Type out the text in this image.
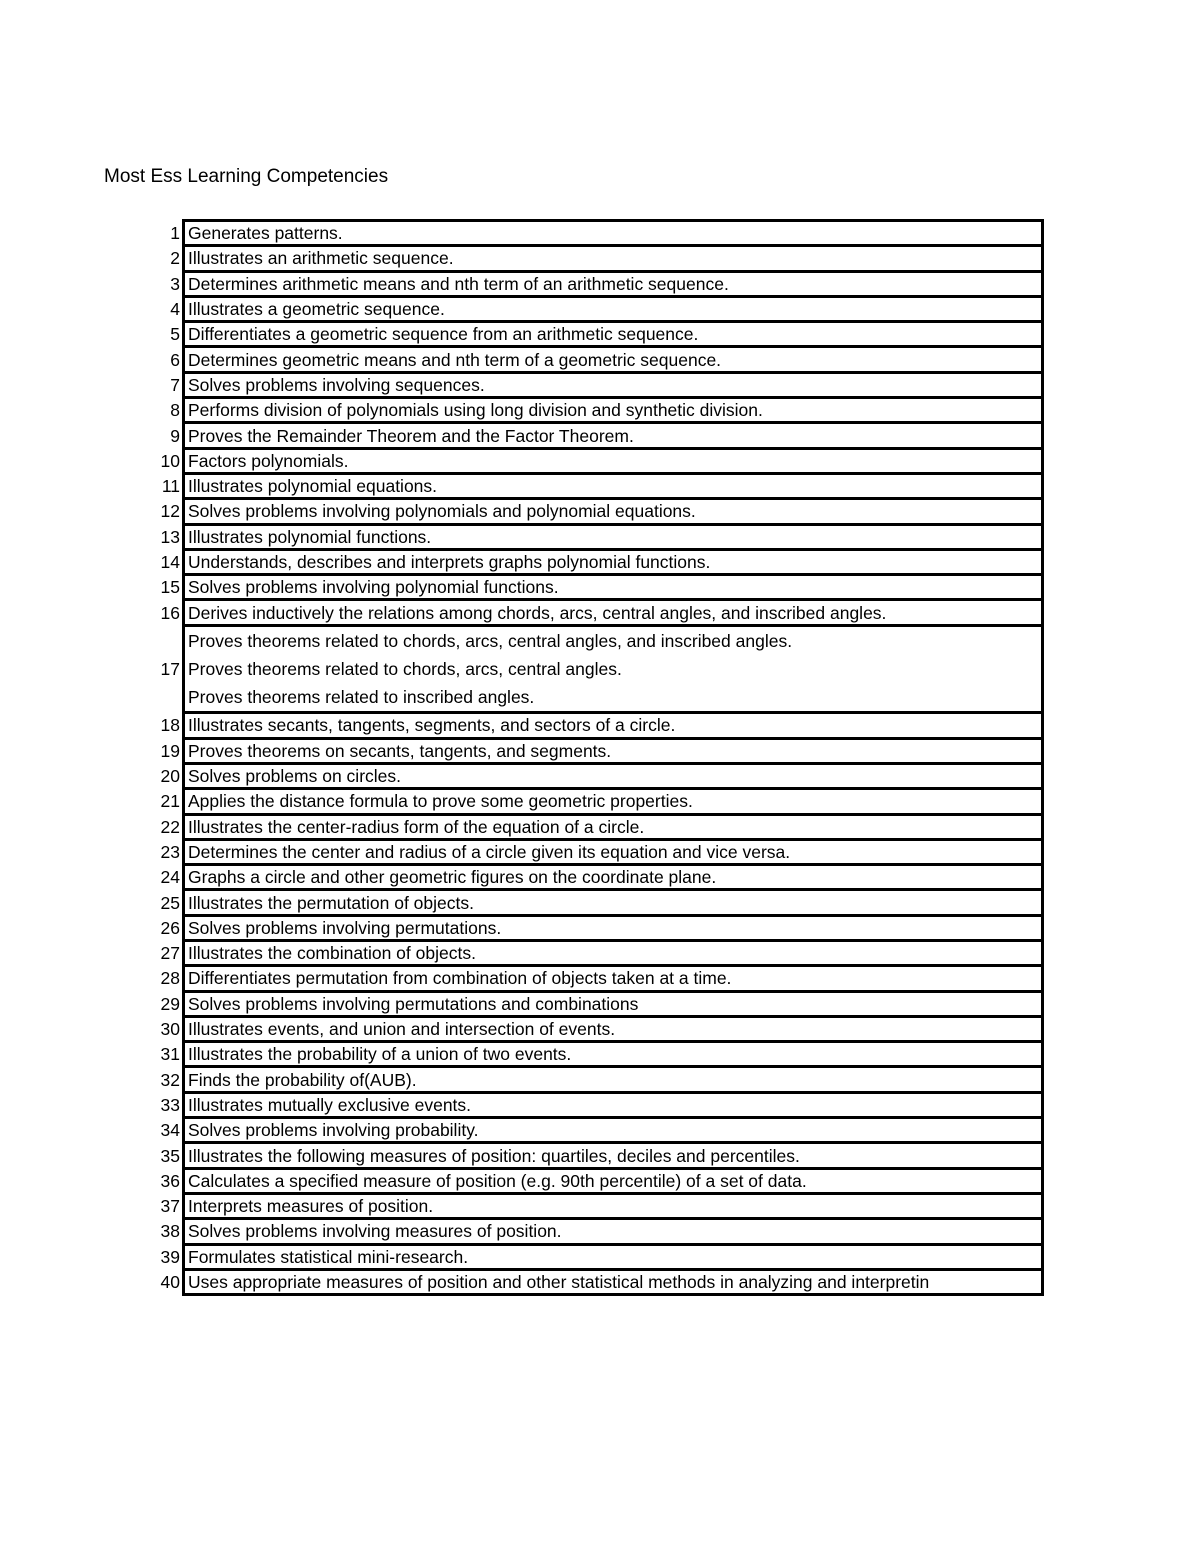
Most Ess Learning Competencies
1	Generates patterns.

2	Illustrates an arithmetic sequence.

3	Determines arithmetic means and nth term of an arithmetic sequence.

4	Illustrates a geometric sequence.

5	Differentiates a geometric sequence from an arithmetic sequence.

6	Determines geometric means and nth term of a geometric sequence.

7	Solves problems involving sequences.

8	Performs division of polynomials using long division and synthetic division.

9	Proves the Remainder Theorem and the Factor Theorem.

10	Factors polynomials.

11	Illustrates polynomial equations.

12	Solves problems involving polynomials and polynomial equations.

13	Illustrates polynomial functions.

14	Understands, describes and interprets graphs polynomial functions.

15	Solves problems involving polynomial functions.

16	Derives inductively the relations among chords, arcs, central angles, and inscribed angles.

17	Proves theorems related to chords, arcs, central angles, and inscribed angles.
Proves theorems related to chords, arcs, central angles.
Proves theorems related to inscribed angles.

18	Illustrates secants, tangents, segments, and sectors of a circle.

19	Proves theorems on secants, tangents, and segments.

20	Solves problems on circles.

21	Applies the distance formula to prove some geometric properties.

22	Illustrates the center-radius form of the equation of a circle.

23	Determines the center and radius of a circle given its equation and vice versa.

24	Graphs a circle and other geometric figures on the coordinate plane.

25	Illustrates the permutation of objects.

26	Solves problems involving permutations.

27	Illustrates the combination of objects.

28	Differentiates permutation from combination of objects taken at a time.

29	Solves problems involving permutations and combinations

30	Illustrates events, and union and intersection of events.

31	Illustrates the probability of a union of two events.

32	Finds the probability of(AUB).

33	Illustrates mutually exclusive events.

34	Solves problems involving probability.

35	Illustrates the following measures of position: quartiles, deciles and percentiles.

36	Calculates a specified measure of position (e.g. 90th percentile) of a set of data.

37	Interprets measures of position.

38	Solves problems involving measures of position.

39	Formulates statistical mini-research.

40	Uses appropriate measures of position and other statistical methods in analyzing and interpretin
